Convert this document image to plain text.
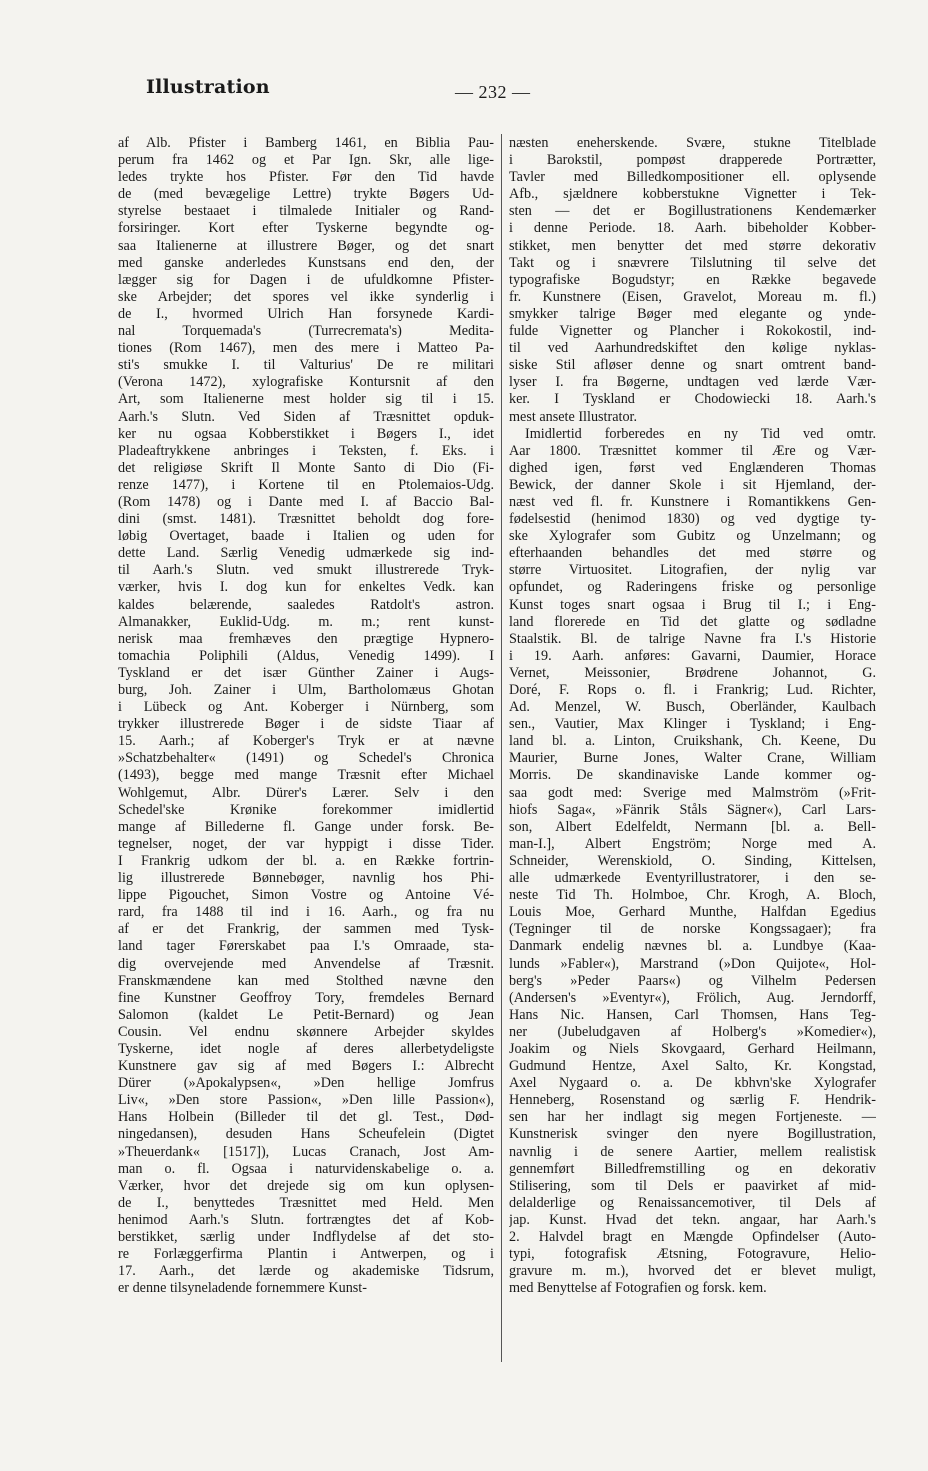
Illustration	— 232 —
af Alb. Pfister i Bamberg 1461, en Biblia Pau-
perum fra 1462 og et Par Ign. Skr, alle lige-
ledes trykte hos Pfister. Før den Tid havde
de (med bevægelige Lettre) trykte Bøgers Ud-
styrelse bestaaet i tilmalede Initialer og Rand-
forsiringer. Kort efter Tyskerne begyndte og-
saa Italienerne at illustrere Bøger, og det snart
med ganske anderledes Kunstsans end den, der
lægger sig for Dagen i de ufuldkomne Pfister-
ske Arbejder; det spores vel ikke synderlig i
de I., hvormed Ulrich Han forsynede Kardi-
nal Torquemada's (Turrecremata's) Medita-
tiones (Rom 1467), men des mere i Matteo Pa-
sti's smukke I. til Valturius' De re militari
(Verona 1472), xylografiske Kontursnit af den
Art, som Italienerne mest holder sig til i 15.
Aarh.'s Slutn. Ved Siden af Træsnittet opduk-
ker nu ogsaa Kobberstikket i Bøgers I., idet
Pladeaftrykkene anbringes i Teksten, f. Eks. i
det religiøse Skrift Il Monte Santo di Dio (Fi-
renze 1477), i Kortene til en Ptolemaios-Udg.
(Rom 1478) og i Dante med I. af Baccio Bal-
dini (smst. 1481). Træsnittet beholdt dog fore-
løbig Overtaget, baade i Italien og uden for
dette Land. Særlig Venedig udmærkede sig ind-
til Aarh.'s Slutn. ved smukt illustrerede Tryk-
værker, hvis I. dog kun for enkeltes Vedk. kan
kaldes belærende, saaledes Ratdolt's astron.
Almanakker, Euklid-Udg. m. m.; rent kunst-
nerisk maa fremhæves den prægtige Hypnero-
tomachia Poliphili (Aldus, Venedig 1499). I
Tyskland er det især Günther Zainer i Augs-
burg, Joh. Zainer i Ulm, Bartholomæus Ghotan
i Lübeck og Ant. Koberger i Nürnberg, som
trykker illustrerede Bøger i de sidste Tiaar af
15. Aarh.; af Koberger's Tryk er at nævne
»Schatzbehalter« (1491) og Schedel's Chronica
(1493), begge med mange Træsnit efter Michael
Wohlgemut, Albr. Dürer's Lærer. Selv i den
Schedel'ske Krønike forekommer imidlertid
mange af Billederne fl. Gange under forsk. Be-
tegnelser, noget, der var hyppigt i disse Tider.
I Frankrig udkom der bl. a. en Række fortrin-
lig illustrerede Bønnebøger, navnlig hos Phi-
lippe Pigouchet, Simon Vostre og Antoine Vé-
rard, fra 1488 til ind i 16. Aarh., og fra nu
af er det Frankrig, der sammen med Tysk-
land tager Førerskabet paa I.'s Omraade, sta-
dig overvejende med Anvendelse af Træsnit.
Franskmændene kan med Stolthed nævne den
fine Kunstner Geoffroy Tory, fremdeles Bernard
Salomon (kaldet Le Petit-Bernard) og Jean
Cousin. Vel endnu skønnere Arbejder skyldes
Tyskerne, idet nogle af deres allerbetydeligste
Kunstnere gav sig af med Bøgers I.: Albrecht
Dürer (»Apokalypsen«, »Den hellige Jomfrus
Liv«, »Den store Passion«, »Den lille Passion«),
Hans Holbein (Billeder til det gl. Test., Død-
ningedansen), desuden Hans Scheufelein (Digtet
»Theuerdank« [1517]), Lucas Cranach, Jost Am-
man o. fl. Ogsaa i naturvidenskabelige o. a.
Værker, hvor det drejede sig om kun oplysen-
de I., benyttedes Træsnittet med Held. Men
henimod Aarh.'s Slutn. fortrængtes det af Kob-
berstikket, særlig under Indflydelse af det sto-
re Forlæggerfirma Plantin i Antwerpen, og i
17. Aarh., det lærde og akademiske Tidsrum,
er denne tilsyneladende fornemmere Kunst-
næsten eneherskende. Svære, stukne Titelblade
i Barokstil, pompøst drapperede Portrætter,
Tavler med Billedkompositioner ell. oplysende
Afb., sjældnere kobberstukne Vignetter i Tek-
sten — det er Bogillustrationens Kendemærker
i denne Periode. 18. Aarh. bibeholder Kobber-
stikket, men benytter det med større dekorativ
Takt og i snævrere Tilslutning til selve det
typografiske Bogudstyr; en Række begavede
fr. Kunstnere (Eisen, Gravelot, Moreau m. fl.)
smykker talrige Bøger med elegante og ynde-
fulde Vignetter og Plancher i Rokokostil, ind-
til ved Aarhundredskiftet den kølige nyklas-
siske Stil afløser denne og snart omtrent band-
lyser I. fra Bøgerne, undtagen ved lærde Vær-
ker. I Tyskland er Chodowiecki 18. Aarh.'s
mest ansete Illustrator.
Imidlertid forberedes en ny Tid ved omtr.
Aar 1800. Træsnittet kommer til Ære og Vær-
dighed igen, først ved Englænderen Thomas
Bewick, der danner Skole i sit Hjemland, der-
næst ved fl. fr. Kunstnere i Romantikkens Gen-
fødelsestid (henimod 1830) og ved dygtige ty-
ske Xylografer som Gubitz og Unzelmann; og
efterhaanden behandles det med større og
større Virtuositet. Litografien, der nylig var
opfundet, og Raderingens friske og personlige
Kunst toges snart ogsaa i Brug til I.; i Eng-
land florerede en Tid det glatte og sødladne
Staalstik. Bl. de talrige Navne fra I.'s Historie
i 19. Aarh. anføres: Gavarni, Daumier, Horace
Vernet, Meissonier, Brødrene Johannot, G.
Doré, F. Rops o. fl. i Frankrig; Lud. Richter,
Ad. Menzel, W. Busch, Oberländer, Kaulbach
sen., Vautier, Max Klinger i Tyskland; i Eng-
land bl. a. Linton, Cruikshank, Ch. Keene, Du
Maurier, Burne Jones, Walter Crane, William
Morris. De skandinaviske Lande kommer og-
saa godt med: Sverige med Malmström (»Frit-
hiofs Saga«, »Fänrik Ståls Sägner«), Carl Lars-
son, Albert Edelfeldt, Nermann [bl. a. Bell-
man-I.], Albert Engström; Norge med A.
Schneider, Werenskiold, O. Sinding, Kittelsen,
alle udmærkede Eventyrillustratorer, i den se-
neste Tid Th. Holmboe, Chr. Krogh, A. Bloch,
Louis Moe, Gerhard Munthe, Halfdan Egedius
(Tegninger til de norske Kongssagaer); fra
Danmark endelig nævnes bl. a. Lundbye (Kaa-
lunds »Fabler«), Marstrand (»Don Quijote«, Hol-
berg's »Peder Paars«) og Vilhelm Pedersen
(Andersen's »Eventyr«), Frölich, Aug. Jerndorff,
Hans Nic. Hansen, Carl Thomsen, Hans Teg-
ner (Jubeludgaven af Holberg's »Komedier«),
Joakim og Niels Skovgaard, Gerhard Heilmann,
Gudmund Hentze, Axel Salto, Kr. Kongstad,
Axel Nygaard o. a. De kbhvn'ske Xylografer
Henneberg, Rosenstand og særlig F. Hendrik-
sen har her indlagt sig megen Fortjeneste. —
Kunstnerisk svinger den nyere Bogillustration,
navnlig i de senere Aartier, mellem realistisk
gennemført Billedfremstilling og en dekorativ
Stilisering, som til Dels er paavirket af mid-
delalderlige og Renaissancemotiver, til Dels af
jap. Kunst. Hvad det tekn. angaar, har Aarh.'s
2. Halvdel bragt en Mængde Opfindelser (Auto-
typi, fotografisk Ætsning, Fotogravure, Helio-
gravure m. m.), hvorved det er blevet muligt,
med Benyttelse af Fotografien og forsk. kem.
